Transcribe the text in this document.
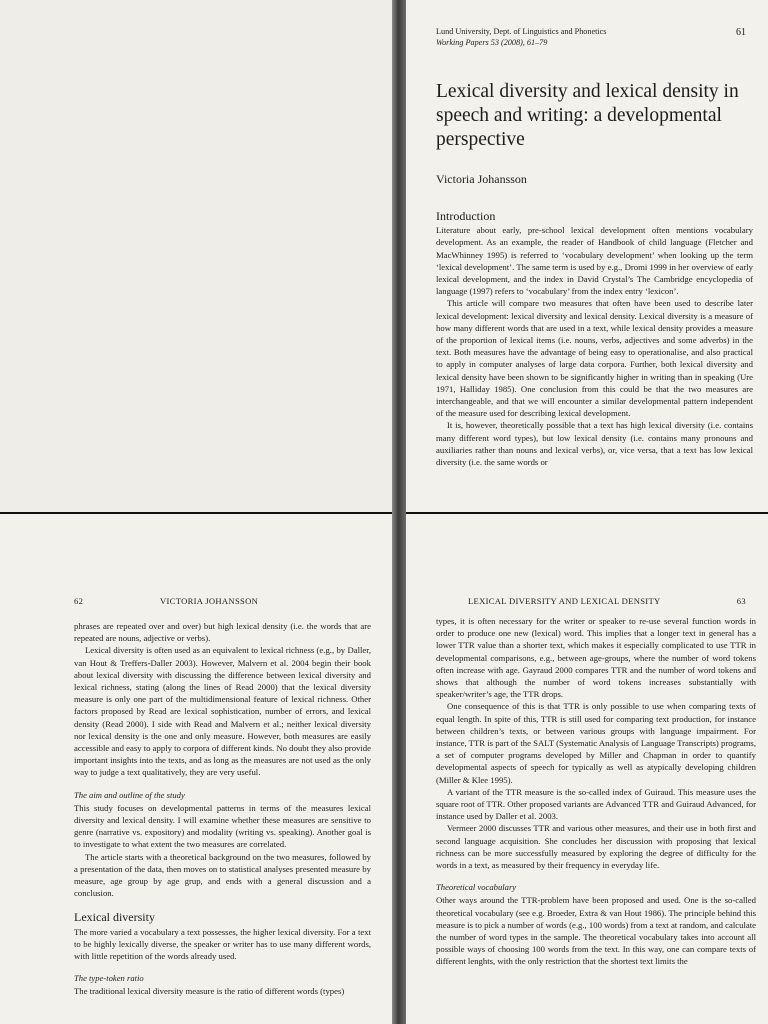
Lund University, Dept. of Linguistics and Phonetics
Working Papers 53 (2008), 61–79
61
Lexical diversity and lexical density in speech and writing: a developmental perspective
Victoria Johansson
Introduction

Literature about early, pre-school lexical development often mentions vocabulary development. As an example, the reader of Handbook of child language (Fletcher and MacWhinney 1995) is referred to ‘vocabulary development’ when looking up the term ‘lexical development’. The same term is used by e.g., Dromi 1999 in her overview of early lexical development, and the index in David Crystal’s The Cambridge encyclopedia of language (1997) refers to ‘vocabulary’ from the index entry ‘lexicon’.

This article will compare two measures that often have been used to describe later lexical development: lexical diversity and lexical density. Lexical diversity is a measure of how many different words that are used in a text, while lexical density provides a measure of the proportion of lexical items (i.e. nouns, verbs, adjectives and some adverbs) in the text. Both measures have the advantage of being easy to operationalise, and also practical to apply in computer analyses of large data corpora. Further, both lexical diversity and lexical density have been shown to be significantly higher in writing than in speaking (Ure 1971, Halliday 1985). One conclusion from this could be that the two measures are interchangeable, and that we will encounter a similar developmental pattern independent of the measure used for describing lexical development.

It is, however, theoretically possible that a text has high lexical diversity (i.e. contains many different word types), but low lexical density (i.e. contains many pronouns and auxiliaries rather than nouns and lexical verbs), or, vice versa, that a text has low lexical diversity (i.e. the same words or

62	VICTORIA JOHANSSON

phrases are repeated over and over) but high lexical density (i.e. the words that are repeated are nouns, adjective or verbs).

Lexical diversity is often used as an equivalent to lexical richness (e.g., by Daller, van Hout & Treffers-Daller 2003). However, Malvern et al. 2004 begin their book about lexical diversity with discussing the difference between lexical diversity and lexical richness, stating (along the lines of Read 2000) that the lexical diversity measure is only one part of the multidimensional feature of lexical richness. Other factors proposed by Read are lexical sophistication, number of errors, and lexical density (Read 2000). I side with Read and Malvern et al.; neither lexical diversity nor lexical density is the one and only measure. However, both measures are easily accessible and easy to apply to corpora of different kinds. No doubt they also provide important insights into the texts, and as long as the measures are not used as the only way to judge a text qualitatively, they are very useful.

The aim and outline of the study

This study focuses on developmental patterns in terms of the measures lexical diversity and lexical density. I will examine whether these measures are sensitive to genre (narrative vs. expository) and modality (writing vs. speaking). Another goal is to investigate to what extent the two measures are correlated.

The article starts with a theoretical background on the two measures, followed by a presentation of the data, then moves on to statistical analyses presented measure by measure, age group by age grup, and ends with a general discussion and a conclusion.

Lexical diversity

The more varied a vocabulary a text possesses, the higher lexical diversity. For a text to be highly lexically diverse, the speaker or writer has to use many different words, with little repetition of the words already used.

The type-token ratio

The traditional lexical diversity measure is the ratio of different words (types)

LEXICAL DIVERSITY AND LEXICAL DENSITY	63

types, it is often necessary for the writer or speaker to re-use several function words in order to produce one new (lexical) word. This implies that a longer text in general has a lower TTR value than a shorter text, which makes it especially complicated to use TTR in developmental comparisons, e.g., between age-groups, where the number of word tokens often increase with age. Gayraud 2000 compares TTR and the number of word tokens and shows that although the number of word tokens increases substantially with speaker/writer’s age, the TTR drops.

One consequence of this is that TTR is only possible to use when comparing texts of equal length. In spite of this, TTR is still used for comparing text production, for instance between children’s texts, or between various groups with language impairment. For instance, TTR is part of the SALT (Systematic Analysis of Language Transcripts) programs, a set of computer programs developed by Miller and Chapman in order to quantify developmental aspects of speech for typically as well as atypically developing children (Miller & Klee 1995).

A variant of the TTR measure is the so-called index of Guiraud. This measure uses the square root of TTR. Other proposed variants are Advanced TTR and Guiraud Advanced, for instance used by Daller et al. 2003.

Vermeer 2000 discusses TTR and various other measures, and their use in both first and second language acquisition. She concludes her discussion with proposing that lexical richness can be more successfully measured by exploring the degree of difficulty for the words in a text, as measured by their frequency in everyday life.

Theoretical vocabulary

Other ways around the TTR-problem have been proposed and used. One is the so-called theoretical vocabulary (see e.g. Broeder, Extra & van Hout 1986). The principle behind this measure is to pick a number of words (e.g., 100 words) from a text at random, and calculate the number of word types in the sample. The theoretical vocabulary takes into account all possible ways of choosing 100 words from the text. In this way, one can compare texts of different lenghts, with the only restriction that the shortest text limits the
